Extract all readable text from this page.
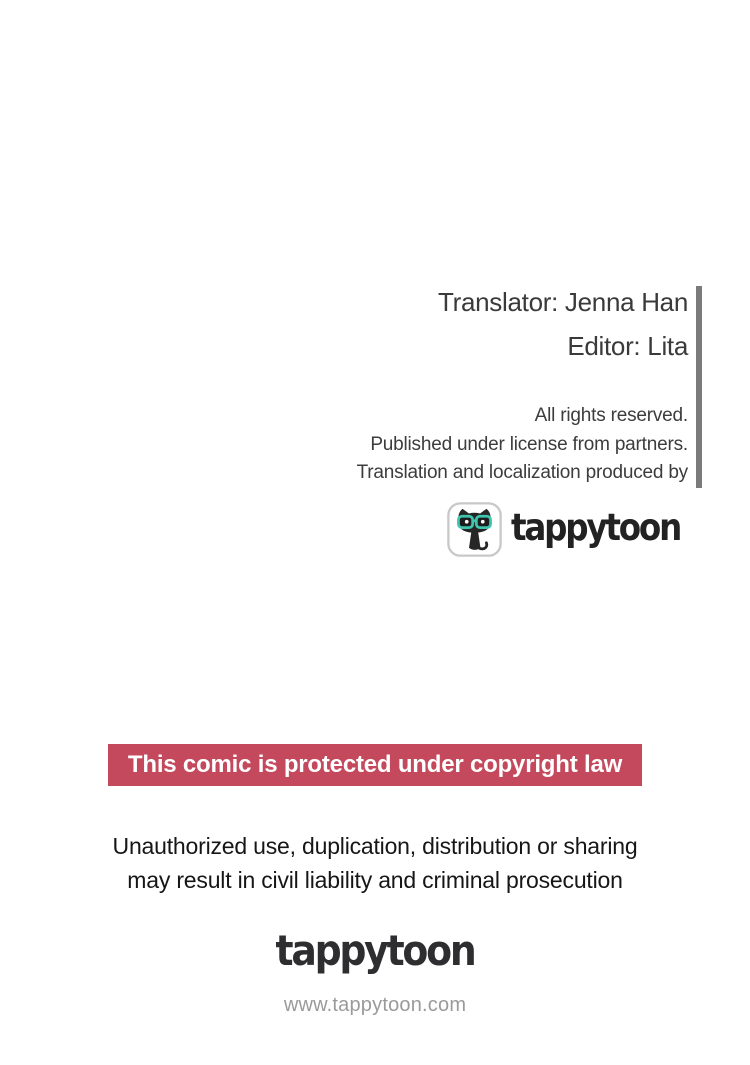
Translator: Jenna Han
Editor: Lita
All rights reserved.
Published under license from partners.
Translation and localization produced by
tappytoon
This comic is protected under copyright law
Unauthorized use, duplication, distribution or sharing
may result in civil liability and criminal prosecution
tappytoon
www.tappytoon.com
